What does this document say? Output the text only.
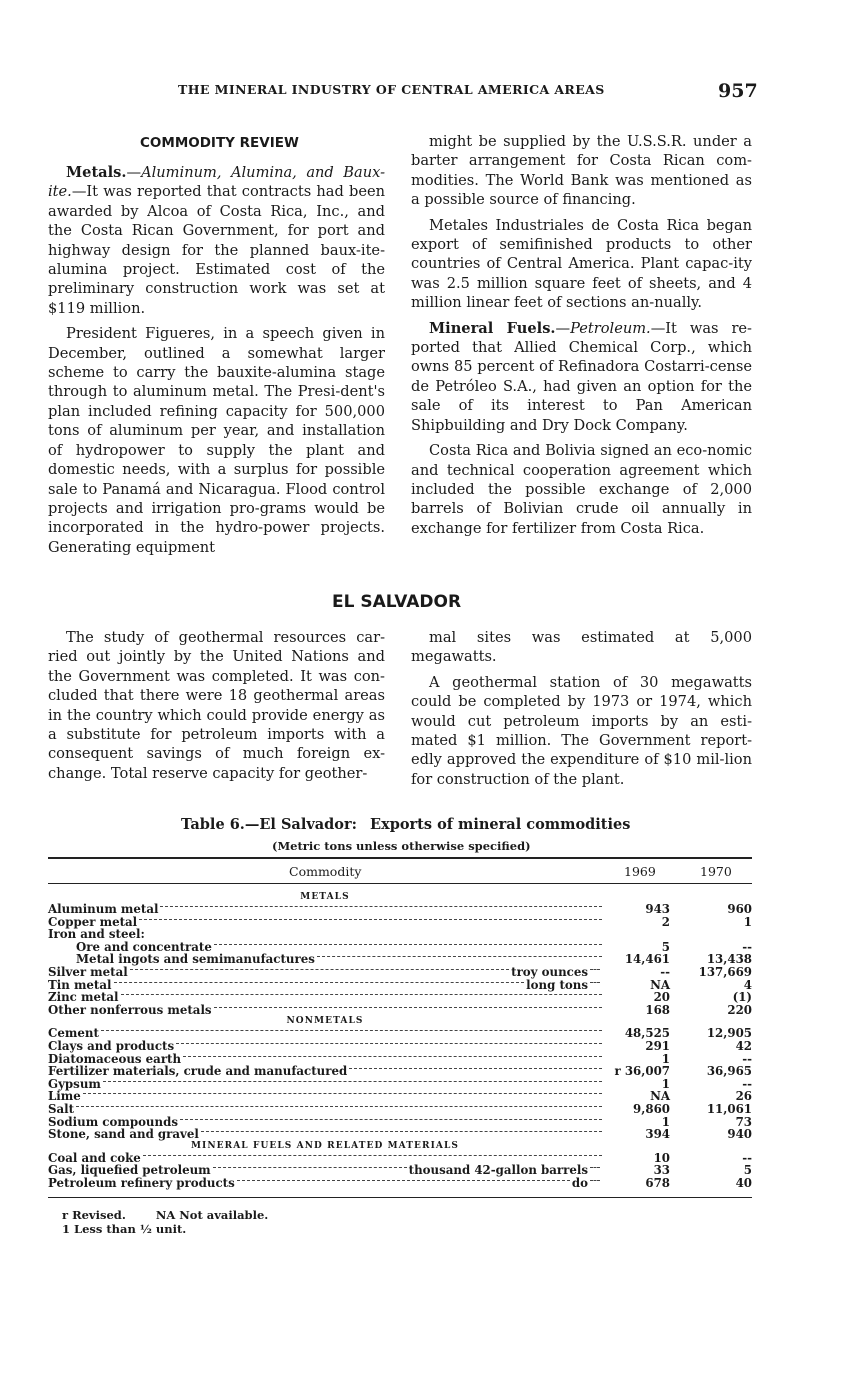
THE MINERAL INDUSTRY OF CENTRAL AMERICA AREAS	957
COMMODITY REVIEW

Metals.—Aluminum, Alumina, and Baux-ite.—It was reported that contracts had been awarded by Alcoa of Costa Rica, Inc., and the Costa Rican Government, for port and highway design for the planned baux-ite-alumina project. Estimated cost of the preliminary construction work was set at $119 million.

President Figueres, in a speech given in December, outlined a somewhat larger scheme to carry the bauxite-alumina stage through to aluminum metal. The Presi-dent's plan included refining capacity for 500,000 tons of aluminum per year, and installation of hydropower to supply the plant and domestic needs, with a surplus for possible sale to Panamá and Nicaragua. Flood control projects and irrigation pro-grams would be incorporated in the hydro-power projects. Generating equipment

might be supplied by the U.S.S.R. under a barter arrangement for Costa Rican com-modities. The World Bank was mentioned as a possible source of financing.

Metales Industriales de Costa Rica began export of semifinished products to other countries of Central America. Plant capac-ity was 2.5 million square feet of sheets, and 4 million linear feet of sections an-nually.

Mineral Fuels.—Petroleum.—It was re-ported that Allied Chemical Corp., which owns 85 percent of Refinadora Costarri-cense de Petróleo S.A., had given an option for the sale of its interest to Pan American Shipbuilding and Dry Dock Company.

Costa Rica and Bolivia signed an eco-nomic and technical cooperation agreement which included the possible exchange of 2,000 barrels of Bolivian crude oil annually in exchange for fertilizer from Costa Rica.

EL SALVADOR

The study of geothermal resources car-ried out jointly by the United Nations and the Government was completed. It was con-cluded that there were 18 geothermal areas in the country which could provide energy as a substitute for petroleum imports with a consequent savings of much foreign ex-change. Total reserve capacity for geother-

mal sites was estimated at 5,000 megawatts.

A geothermal station of 30 megawatts could be completed by 1973 or 1974, which would cut petroleum imports by an esti-mated $1 million. The Government report-edly approved the expenditure of $10 mil-lion for construction of the plant.

Table 6.—El Salvador: Exports of mineral commodities
(Metric tons unless otherwise specified)
Commodity	1969	1970
METALS
Aluminum metal	943	960
Copper metal	2	1
Iron and steel:
Ore and concentrate	5	--
Metal ingots and semimanufactures	14,461	13,438
Silver metal	troy ounces	--	137,669
Tin metal	long tons	NA	4
Zinc metal	20	(1)
Other nonferrous metals	168	220
NONMETALS
Cement	48,525	12,905
Clays and products	291	42
Diatomaceous earth	1	--
Fertilizer materials, crude and manufactured	r 36,007	36,965
Gypsum	1	--
Lime	NA	26
Salt	9,860	11,061
Sodium compounds	1	73
Stone, sand and gravel	394	940
MINERAL FUELS AND RELATED MATERIALS
Coal and coke	10	--
Gas, liquefied petroleum	thousand 42-gallon barrels	33	5
Petroleum refinery products	do	678	40
r Revised.	NA Not available.
1 Less than ½ unit.
